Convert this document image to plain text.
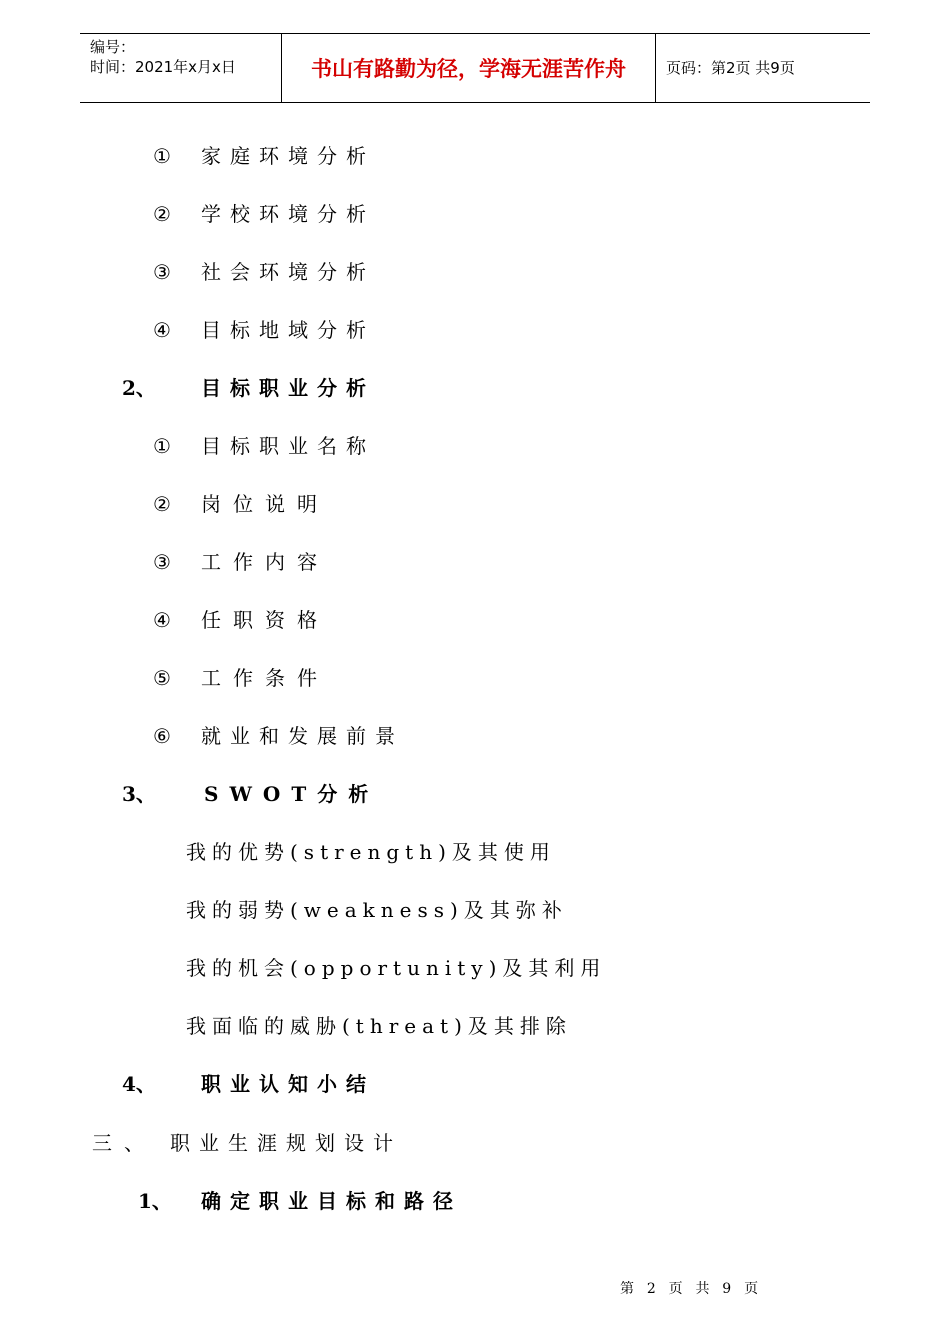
编号：
时间：2021年x月x日	书山有路勤为径，学海无涯苦作舟	页码：第2页 共9页
① 家庭环境分析
② 学校环境分析
③ 社会环境分析
④ 目标地域分析
2、 目标职业分析
① 目标职业名称
② 岗位说明
③ 工作内容
④ 任职资格
⑤ 工作条件
⑥ 就业和发展前景
3、 SWOT分析
我的优势(strength)及其使用
我的弱势(weakness)及其弥补
我的机会(opportunity)及其利用
我面临的威胁(threat)及其排除
4、 职业认知小结
三、 职业生涯规划设计
1、 确定职业目标和路径
第 2 页 共 9 页
